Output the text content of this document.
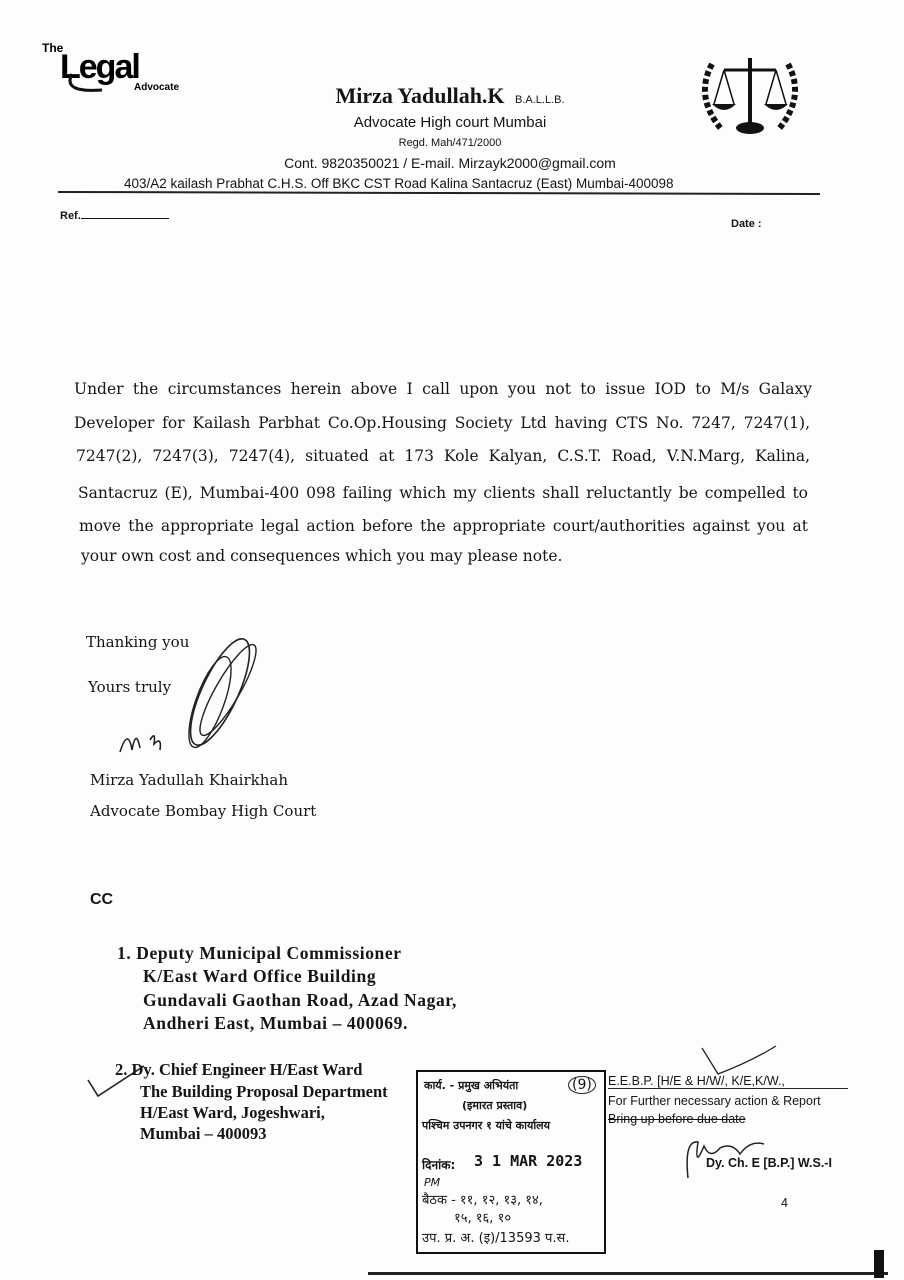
The
Legal
Advocate	Mirza Yadullah.K B.A.L.L.B.
Advocate High court Mumbai
Regd. Mah/471/2000
Cont. 9820350021 / E-mail. Mirzayk2000@gmail.com
403/A2 kailash Prabhat C.H.S. Off BKC CST Road Kalina Santacruz (East) Mumbai-400098
Ref.
Date :
Under the circumstances herein above I call upon you not to issue IOD to M/s Galaxy
Developer for Kailash Parbhat Co.Op.Housing Society Ltd having CTS No. 7247, 7247(1),
7247(2), 7247(3), 7247(4), situated at 173 Kole Kalyan, C.S.T. Road, V.N.Marg, Kalina,
Santacruz (E), Mumbai-400 098 failing which my clients shall reluctantly be compelled to
move the appropriate legal action before the appropriate court/authorities against you at
your own cost and consequences which you may please note.
Thanking you
Yours truly
Mirza Yadullah Khairkhah
Advocate Bombay High Court
CC
1. Deputy Municipal Commissioner
K/East Ward Office Building
Gundavali Gaothan Road, Azad Nagar,
Andheri East, Mumbai – 400069.
2. Dy. Chief Engineer H/East Ward
The Building Proposal Department
H/East Ward, Jogeshwari,
Mumbai – 400093
कार्य. - प्रमुख अभियंता	(9)
(इमारत प्रस्ताव)
पश्चिम उपनगर १ यांचे कार्यालय
दिनांक: 3 1 MAR 2023
PM
बैठक - ११, १२, १३, १४,
१५, १६, १०
उप. प्र. अ. (इ)/13593 प.स.
E.E.B.P. [H/E & H/W/, K/E,K/W.,
For Further necessary action & Report
Bring up before due date
Dy. Ch. E [B.P.] W.S.-I
4
